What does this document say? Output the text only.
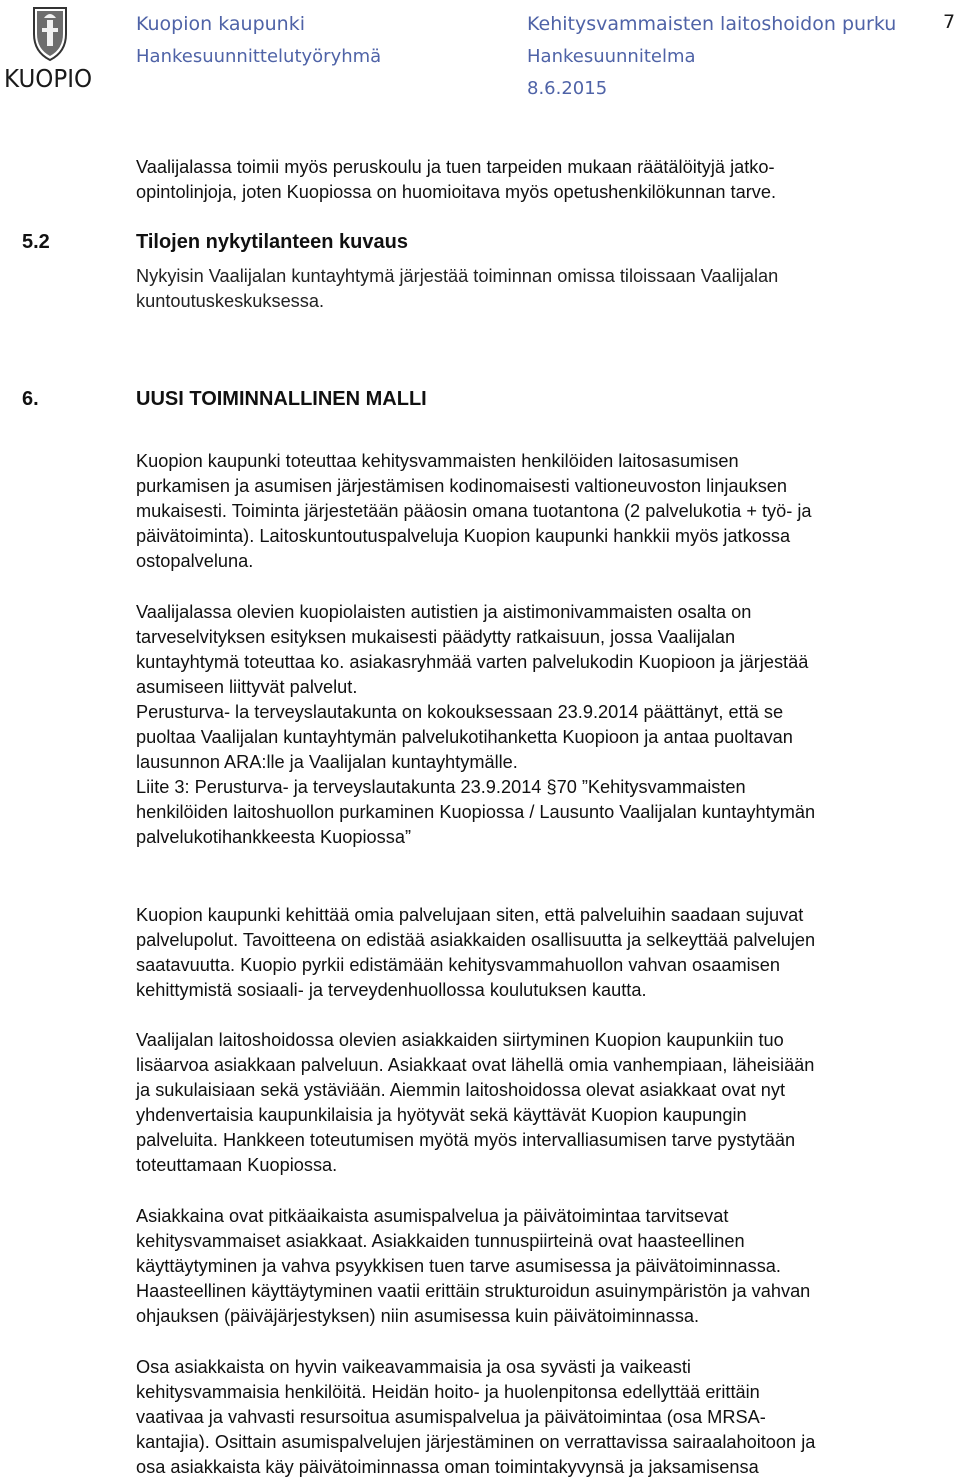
KUOPIO
Kuopion kaupunki
Hankesuunnittelutyöryhmä
Kehitysvammaisten laitoshoidon purku
Hankesuunnitelma
8.6.2015
7
Vaalijalassa toimii myös peruskoulu ja tuen tarpeiden mukaan räätälöityjä jatko-
opintolinjoja, joten Kuopiossa on huomioitava myös opetushenkilökunnan tarve.
5.2	Tilojen nykytilanteen kuvaus
Nykyisin Vaalijalan kuntayhtymä järjestää toiminnan omissa tiloissaan Vaalijalan
kuntoutuskeskuksessa.
6.	UUSI TOIMINNALLINEN MALLI
Kuopion kaupunki toteuttaa kehitysvammaisten henkilöiden laitosasumisen
purkamisen ja asumisen järjestämisen kodinomaisesti valtioneuvoston linjauksen
mukaisesti. Toiminta järjestetään pääosin omana tuotantona (2 palvelukotia + työ- ja
päivätoiminta). Laitoskuntoutuspalveluja Kuopion kaupunki hankkii myös jatkossa
ostopalveluna.
Vaalijalassa olevien kuopiolaisten autistien ja aistimonivammaisten osalta on
tarveselvityksen esityksen mukaisesti päädytty ratkaisuun, jossa Vaalijalan
kuntayhtymä toteuttaa ko. asiakasryhmää varten palvelukodin Kuopioon ja järjestää
asumiseen liittyvät palvelut.
Perusturva- la terveyslautakunta on kokouksessaan 23.9.2014 päättänyt, että se
puoltaa Vaalijalan kuntayhtymän palvelukotihanketta Kuopioon ja antaa puoltavan
lausunnon ARA:lle ja Vaalijalan kuntayhtymälle.
Liite 3: Perusturva- ja terveyslautakunta 23.9.2014 §70 ”Kehitysvammaisten
henkilöiden laitoshuollon purkaminen Kuopiossa / Lausunto Vaalijalan kuntayhtymän
palvelukotihankkeesta Kuopiossa”
Kuopion kaupunki kehittää omia palvelujaan siten, että palveluihin saadaan sujuvat
palvelupolut. Tavoitteena on edistää asiakkaiden osallisuutta ja selkeyttää palvelujen
saatavuutta. Kuopio pyrkii edistämään kehitysvammahuollon vahvan osaamisen
kehittymistä sosiaali- ja terveydenhuollossa koulutuksen kautta.
Vaalijalan laitoshoidossa olevien asiakkaiden siirtyminen Kuopion kaupunkiin tuo
lisäarvoa asiakkaan palveluun. Asiakkaat ovat lähellä omia vanhempiaan, läheisiään
ja sukulaisiaan sekä ystäviään. Aiemmin laitoshoidossa olevat asiakkaat ovat nyt
yhdenvertaisia kaupunkilaisia ja hyötyvät sekä käyttävät Kuopion kaupungin
palveluita. Hankkeen toteutumisen myötä myös intervalliasumisen tarve pystytään
toteuttamaan Kuopiossa.
Asiakkaina ovat pitkäaikaista asumispalvelua ja päivätoimintaa tarvitsevat
kehitysvammaiset asiakkaat. Asiakkaiden tunnuspiirteinä ovat haasteellinen
käyttäytyminen ja vahva psyykkisen tuen tarve asumisessa ja päivätoiminnassa.
Haasteellinen käyttäytyminen vaatii erittäin strukturoidun asuinympäristön ja vahvan
ohjauksen (päiväjärjestyksen) niin asumisessa kuin päivätoiminnassa.
Osa asiakkaista on hyvin vaikeavammaisia ja osa syvästi ja vaikeasti
kehitysvammaisia henkilöitä. Heidän hoito- ja huolenpitonsa edellyttää erittäin
vaativaa ja vahvasti resursoitua asumispalvelua ja päivätoimintaa (osa MRSA-
kantajia). Osittain asumispalvelujen järjestäminen on verrattavissa sairaalahoitoon ja
osa asiakkaista käy päivätoiminnassa oman toimintakyvynsä ja jaksamisensa
